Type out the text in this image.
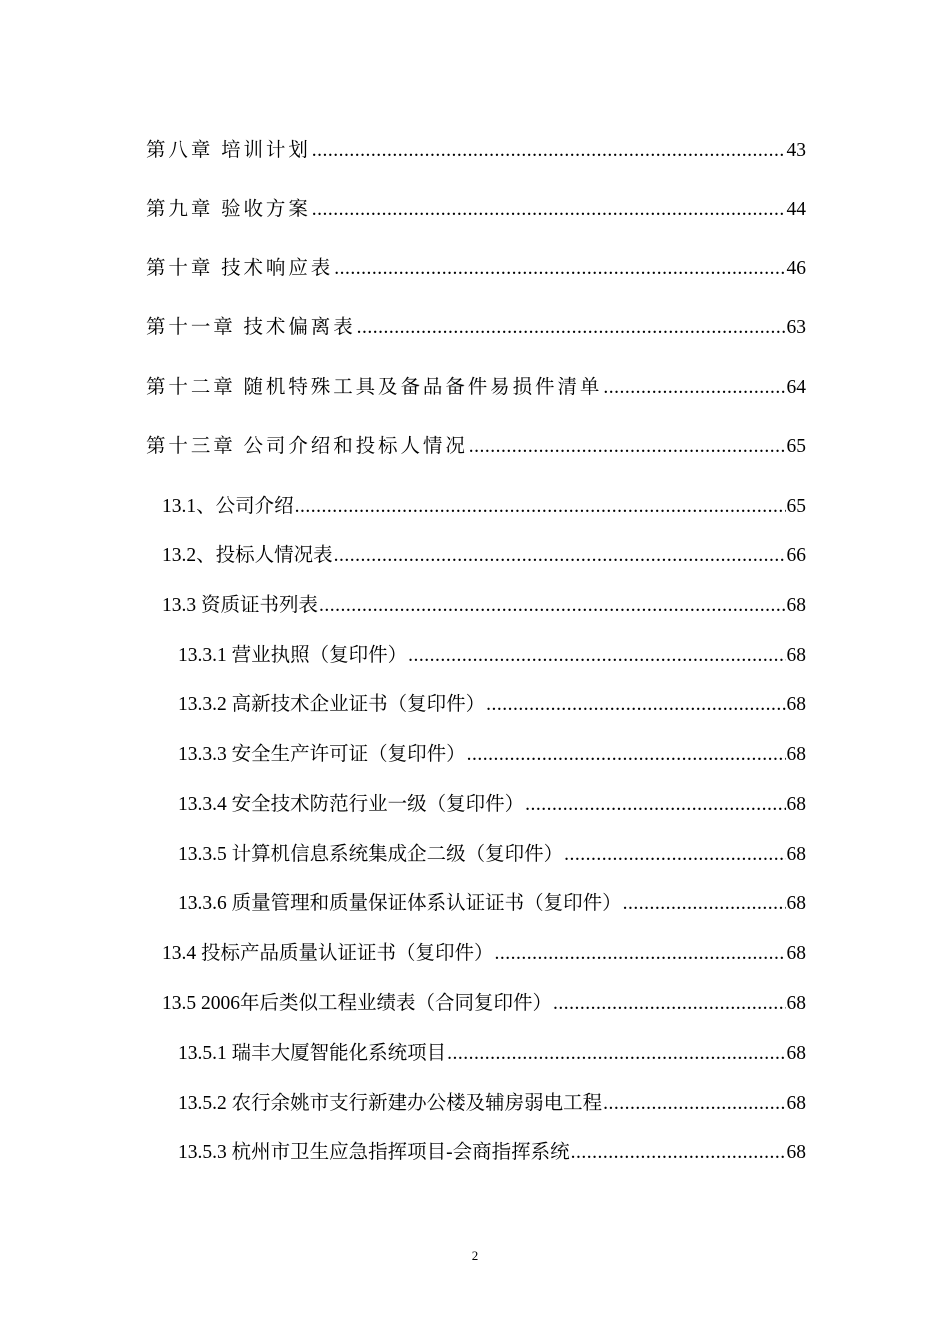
第八章 培训计划 .....	43
第九章 验收方案 .....	44
第十章 技术响应表 .....	46
第十一章 技术偏离表 .....	63
第十二章 随机特殊工具及备品备件易损件清单 .....	64
第十三章 公司介绍和投标人情况 .....	65
13.1、公司介绍 .....	65
13.2、投标人情况表 .....	66
13.3 资质证书列表 .....	68
13.3.1 营业执照（复印件） .....	68
13.3.2 高新技术企业证书（复印件） .....	68
13.3.3 安全生产许可证（复印件） .....	68
13.3.4 安全技术防范行业一级（复印件） .....	68
13.3.5 计算机信息系统集成企二级（复印件） .....	68
13.3.6 质量管理和质量保证体系认证证书（复印件） .....	68
13.4 投标产品质量认证证书（复印件） .....	68
13.5 2006年后类似工程业绩表（合同复印件） .....	68
13.5.1 瑞丰大厦智能化系统项目 .....	68
13.5.2 农行余姚市支行新建办公楼及辅房弱电工程 .....	68
13.5.3 杭州市卫生应急指挥项目-会商指挥系统 .....	68
2
